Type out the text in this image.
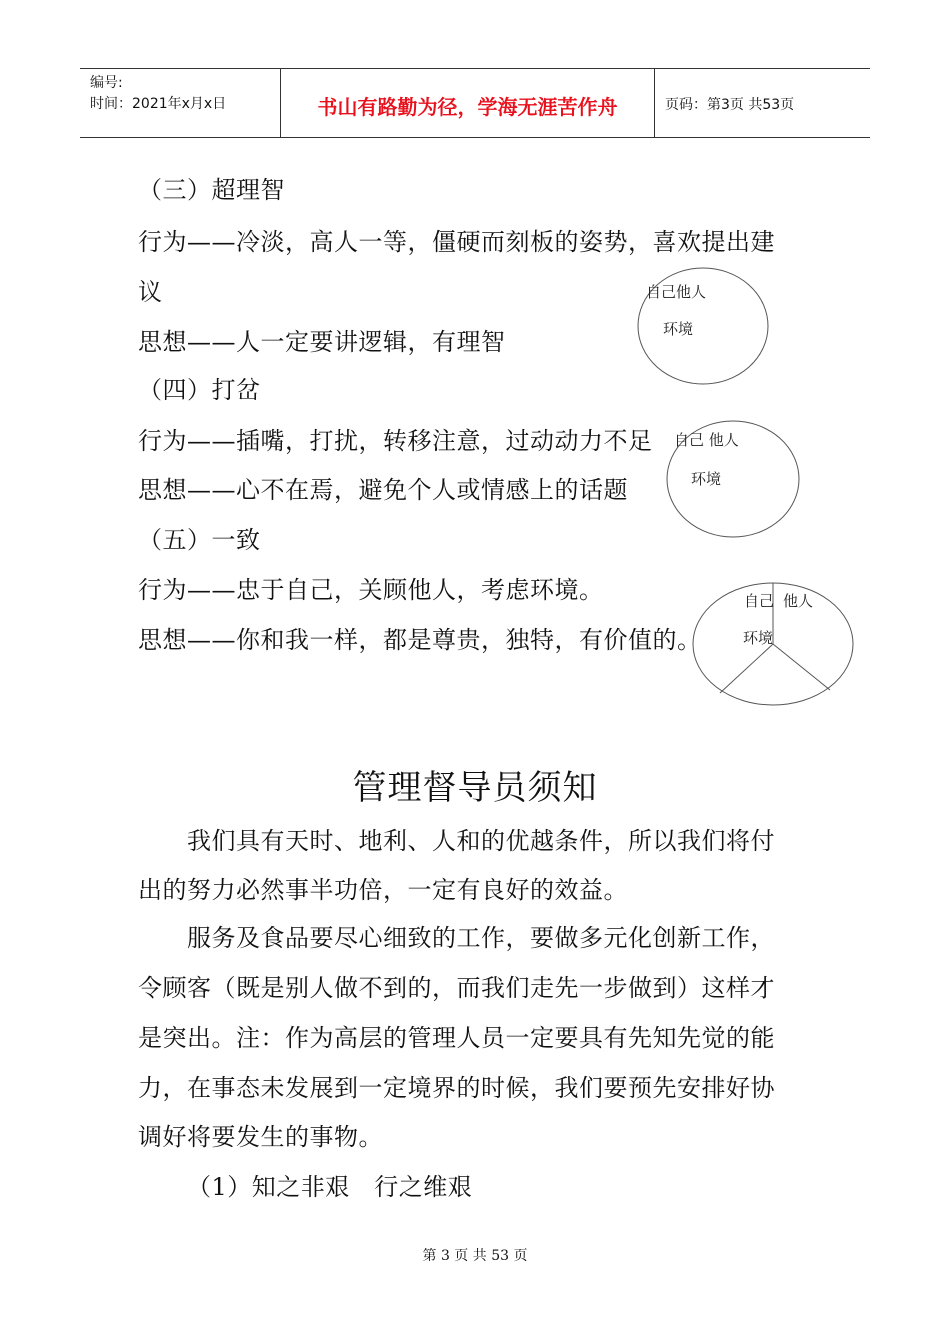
编号:
时间：2021年x月x日	书山有路勤为径，学海无涯苦作舟	页码：第3页 共53页
（三）超理智
行为——冷淡，高人一等，僵硬而刻板的姿势，喜欢提出建
议
思想——人一定要讲逻辑，有理智
（四）打岔
行为——插嘴，打扰，转移注意，过动动力不足
思想——心不在焉，避免个人或情感上的话题
（五）一致
行为——忠于自己，关顾他人，考虑环境。
思想——你和我一样，都是尊贵，独特，有价值的。
自己他人
环境
自己 他人
环境
自己 他人
环境
管理督导员须知
我们具有天时、地利、人和的优越条件，所以我们将付
出的努力必然事半功倍，一定有良好的效益。
服务及食品要尽心细致的工作，要做多元化创新工作，
令顾客（既是别人做不到的，而我们走先一步做到）这样才
是突出。注：作为高层的管理人员一定要具有先知先觉的能
力，在事态未发展到一定境界的时候，我们要预先安排好协
调好将要发生的事物。
（1）知之非艰　行之维艰
第 3 页 共 53 页
